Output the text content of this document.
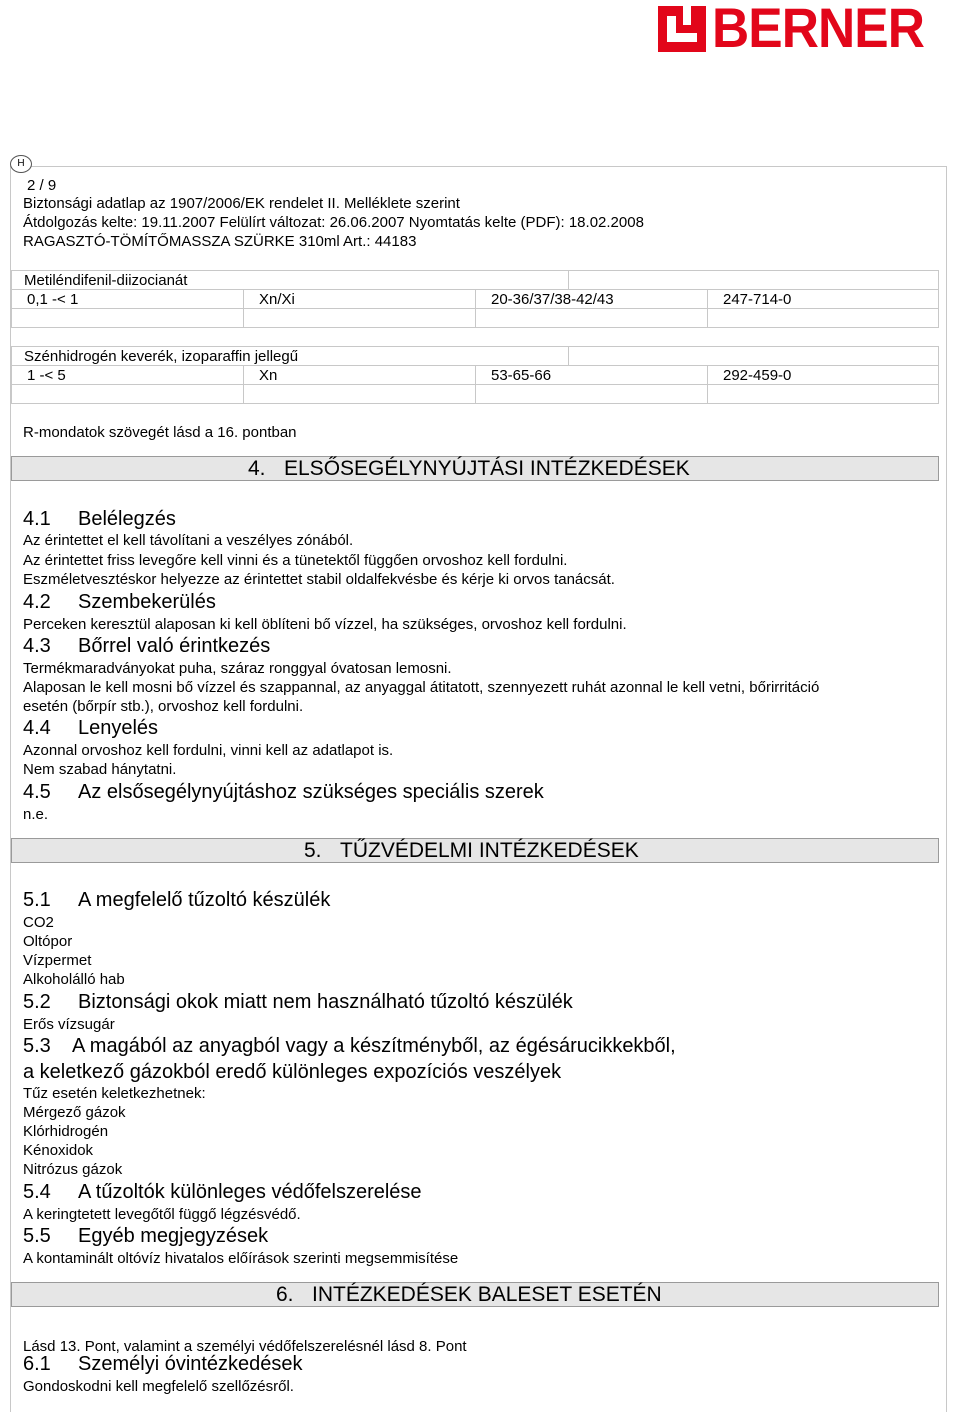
BERNER
H
2 / 9
Biztonsági adatlap az 1907/2006/EK rendelet II. Melléklete szerint
Átdolgozás kelte: 19.11.2007 Felülírt változat: 26.06.2007 Nyomtatás kelte (PDF): 18.02.2008
RAGASZTÓ-TÖMÍTŐMASSZA SZÜRKE 310ml Art.: 44183
Metiléndifenil-diizocianát
0,1 -< 1	Xn/Xi	20-36/37/38-42/43	247-714-0
Szénhidrogén keverék, izoparaffin jellegű
1 -< 5	Xn	53-65-66	292-459-0
R-mondatok szövegét lásd a 16. pontban
4. ELSŐSEGÉLYNYÚJTÁSI INTÉZKEDÉSEK
4.1 Belélegzés
Az érintettet el kell távolítani a veszélyes zónából.
Az érintettet friss levegőre kell vinni és a tünetektől függően orvoshoz kell fordulni.
Eszméletvesztéskor helyezze az érintettet stabil oldalfekvésbe és kérje ki orvos tanácsát.
4.2 Szembekerülés
Perceken keresztül alaposan ki kell öblíteni bő vízzel, ha szükséges, orvoshoz kell fordulni.
4.3 Bőrrel való érintkezés
Termékmaradványokat puha, száraz ronggyal óvatosan lemosni.
Alaposan le kell mosni bő vízzel és szappannal, az anyaggal átitatott, szennyezett ruhát azonnal le kell vetni, bőrirritáció
esetén (bőrpír stb.), orvoshoz kell fordulni.
4.4 Lenyelés
Azonnal orvoshoz kell fordulni, vinni kell az adatlapot is.
Nem szabad hánytatni.
4.5 Az elsősegélynyújtáshoz szükséges speciális szerek
n.e.
5. TŰZVÉDELMI INTÉZKEDÉSEK
5.1 A megfelelő tűzoltó készülék
CO2
Oltópor
Vízpermet
Alkoholálló hab
5.2 Biztonsági okok miatt nem használható tűzoltó készülék
Erős vízsugár
5.3 A magából az anyagból vagy a készítményből, az égésárucikkekből,
a keletkező gázokból eredő különleges expozíciós veszélyek
Tűz esetén keletkezhetnek:
Mérgező gázok
Klórhidrogén
Kénoxidok
Nitrózus gázok
5.4 A tűzoltók különleges védőfelszerelése
A keringtetett levegőtől függő légzésvédő.
5.5 Egyéb megjegyzések
A kontaminált oltóvíz hivatalos előírások szerinti megsemmisítése
6. INTÉZKEDÉSEK BALESET ESETÉN
Lásd 13. Pont, valamint a személyi védőfelszerelésnél lásd 8. Pont
6.1 Személyi óvintézkedések
Gondoskodni kell megfelelő szellőzésről.
